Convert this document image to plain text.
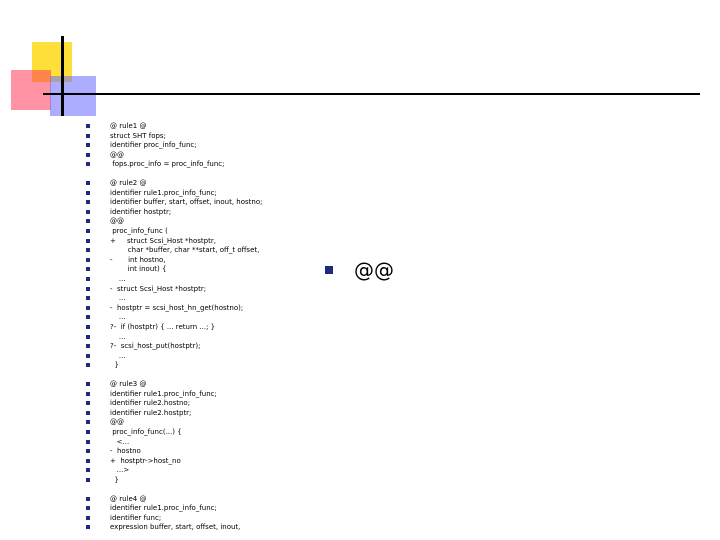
@ rule1 @
struct SHT fops;
identifier proc_info_func;
@@
fops.proc_info = proc_info_func;
@ rule2 @
identifier rule1.proc_info_func;
identifier buffer, start, offset, inout, hostno;
identifier hostptr;
@@
proc_info_func (
+     struct Scsi_Host *hostptr,
char *buffer, char **start, off_t offset,
-       int hostno,
int inout) {
...
-  struct Scsi_Host *hostptr;
...
-  hostptr = scsi_host_hn_get(hostno);
...
?-  if (hostptr) { ... return ...; }
...
?-  scsi_host_put(hostptr);
...
}
@ rule3 @
identifier rule1.proc_info_func;
identifier rule2.hostno;
identifier rule2.hostptr;
@@
proc_info_func(...) {
<...
-  hostno
+  hostptr->host_no
...>
}
@ rule4 @
identifier rule1.proc_info_func;
identifier func;
expression buffer, start, offset, inout,
@@
